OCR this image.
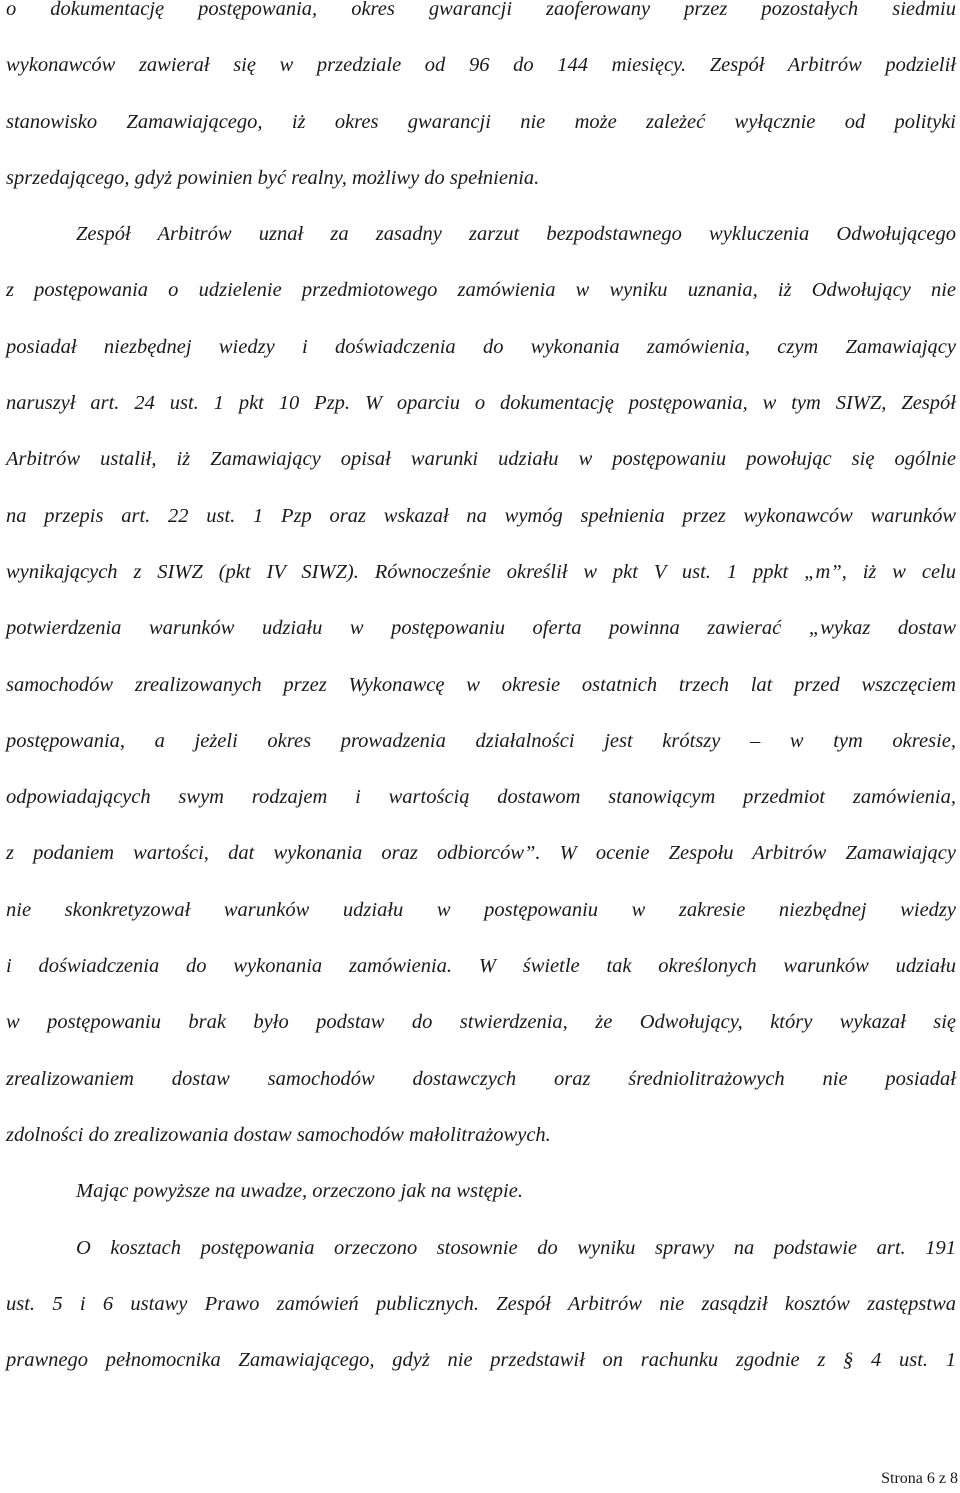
o dokumentację postępowania, okres gwarancji zaoferowany przez pozostałych siedmiu
wykonawców zawierał się w przedziale od 96 do 144 miesięcy. Zespół Arbitrów podzielił
stanowisko Zamawiającego, iż okres gwarancji nie może zależeć wyłącznie od polityki
sprzedającego, gdyż powinien być realny, możliwy do spełnienia.
Zespół Arbitrów uznał za zasadny zarzut bezpodstawnego wykluczenia Odwołującego
z postępowania o udzielenie przedmiotowego zamówienia w wyniku uznania, iż Odwołujący nie
posiadał niezbędnej wiedzy i doświadczenia do wykonania zamówienia, czym Zamawiający
naruszył art. 24 ust. 1 pkt 10 Pzp. W oparciu o dokumentację postępowania, w tym SIWZ, Zespół
Arbitrów ustalił, iż Zamawiający opisał warunki udziału w postępowaniu powołując się ogólnie
na przepis art. 22 ust. 1 Pzp oraz wskazał na wymóg spełnienia przez wykonawców warunków
wynikających z SIWZ (pkt IV SIWZ). Równocześnie określił w pkt V ust. 1 ppkt „m”, iż w celu
potwierdzenia warunków udziału w postępowaniu oferta powinna zawierać „wykaz dostaw
samochodów zrealizowanych przez Wykonawcę w okresie ostatnich trzech lat przed wszczęciem
postępowania, a jeżeli okres prowadzenia działalności jest krótszy – w tym okresie,
odpowiadających swym rodzajem i wartością dostawom stanowiącym przedmiot zamówienia,
z podaniem wartości, dat wykonania oraz odbiorców”. W ocenie Zespołu Arbitrów Zamawiający
nie skonkretyzował warunków udziału w postępowaniu w zakresie niezbędnej wiedzy
i doświadczenia do wykonania zamówienia. W świetle tak określonych warunków udziału
w postępowaniu brak było podstaw do stwierdzenia, że Odwołujący, który wykazał się
zrealizowaniem dostaw samochodów dostawczych oraz średniolitrażowych nie posiadał
zdolności do zrealizowania dostaw samochodów małolitrażowych.
Mając powyższe na uwadze, orzeczono jak na wstępie.
O kosztach postępowania orzeczono stosownie do wyniku sprawy na podstawie art. 191
ust. 5 i 6 ustawy Prawo zamówień publicznych. Zespół Arbitrów nie zasądził kosztów zastępstwa
prawnego pełnomocnika Zamawiającego, gdyż nie przedstawił on rachunku zgodnie z § 4 ust. 1
Strona 6 z 8
